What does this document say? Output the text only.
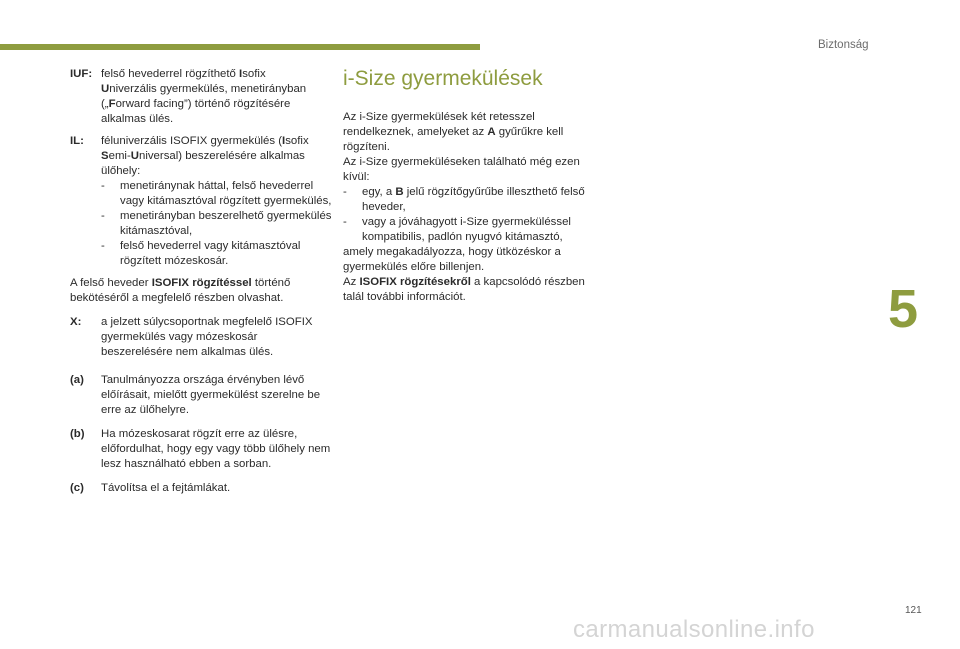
Biztonság
5
121
carmanualsonline.info
IUF: felső hevederrel rögzíthető Isofix
Univerzális gyermekülés, menetirányban („Forward facing”) történő rögzítésére alkalmas ülés.
IL:	féluniverzális ISOFIX gyermekülés (Isofix
Semi-Universal) beszerelésére alkalmas ülőhely:
-	menetiránynak háttal, felső hevederrel vagy kitámasztóval rögzített gyermekülés,
-	menetirányban beszerelhető gyermekülés kitámasztóval,
-	felső hevederrel vagy kitámasztóval rögzített mózeskosár.
A felső heveder ISOFIX rögzítéssel történő bekötéséről a megfelelő részben olvashat.
X:	a jelzett súlycsoportnak megfelelő ISOFIX gyermekülés vagy mózeskosár beszerelésére nem alkalmas ülés.
(a)	Tanulmányozza országa érvényben lévő előírásait, mielőtt gyermekülést szerelne be erre az ülőhelyre.
(b)	Ha mózeskosarat rögzít erre az ülésre, előfordulhat, hogy egy vagy több ülőhely nem lesz használható ebben a sorban.
(c)	Távolítsa el a fejtámlákat.
i-Size gyermekülések
Az i-Size gyermekülések két retesszel rendelkeznek, amelyeket az A gyűrűkre kell rögzíteni.
Az i-Size gyermeküléseken található még ezen kívül:
-	egy, a B jelű rögzítőgyűrűbe illeszthető felső heveder,
-	vagy a jóváhagyott i-Size gyermeküléssel kompatibilis, padlón nyugvó kitámasztó,
amely megakadályozza, hogy ütközéskor a gyermekülés előre billenjen.
Az ISOFIX rögzítésekről a kapcsolódó részben talál további információt.
